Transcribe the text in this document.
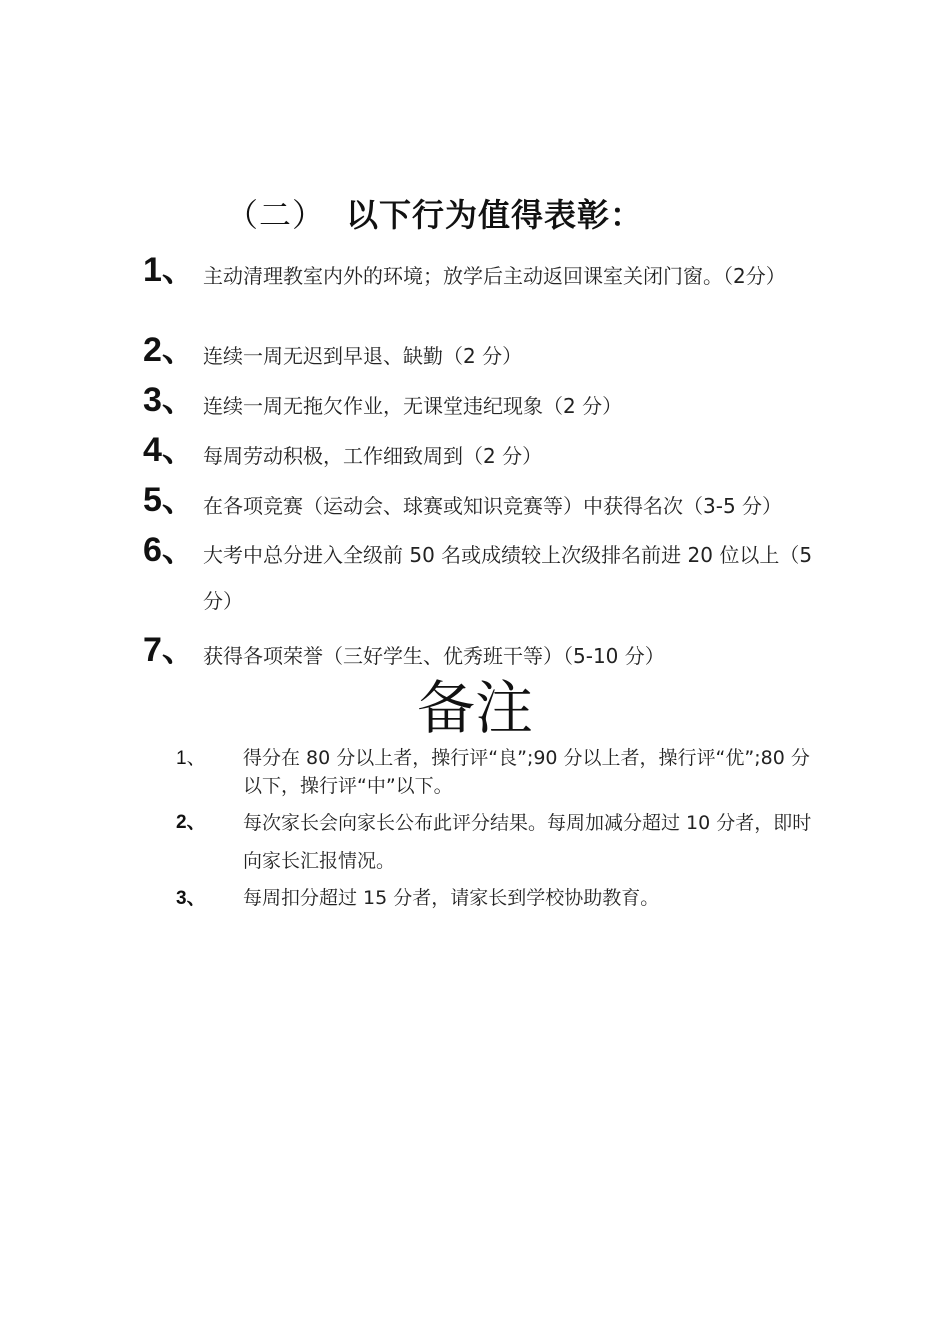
（二） 以下行为值得表彰：
1、 主动清理教室内外的环境；放学后主动返回课室关闭门窗。（2分）
2、 连续一周无迟到早退、缺勤（2 分）
3、 连续一周无拖欠作业，无课堂违纪现象（2 分）
4、 每周劳动积极，工作细致周到（2 分）
5、 在各项竞赛（运动会、球赛或知识竞赛等）中获得名次（3-5 分）
6、 大考中总分进入全级前 50 名或成绩较上次级排名前进 20 位以上（5 分）
7、 获得各项荣誉（三好学生、优秀班干等）（5-10 分）
备注
1、	得分在 80 分以上者，操行评“良”;90 分以上者，操行评“优”;80 分以下，操行评“中”以下。
2、	每次家长会向家长公布此评分结果。每周加减分超过 10 分者，即时向家长汇报情况。
3、	每周扣分超过 15 分者，请家长到学校协助教育。
